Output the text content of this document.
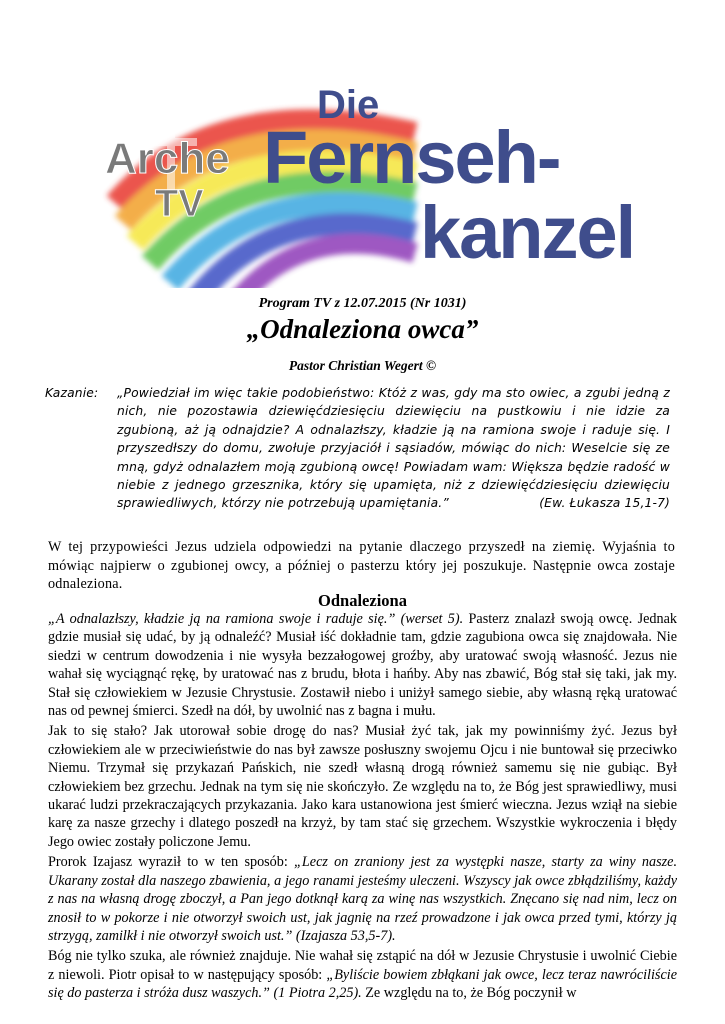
Arche
TV
Die
Fernseh-
kanzel
Program TV z 12.07.2015 (Nr 1031)
„Odnaleziona owca”
Pastor Christian Wegert ©
Kazanie: „Powiedział im więc takie podobieństwo: Któż z was, gdy ma sto owiec, a zgubi jedną z nich, nie pozostawia dziewięćdziesięciu dziewięciu na pustkowiu i nie idzie za zgubioną, aż ją odnajdzie? A odnalazłszy, kładzie ją na ramiona swoje i raduje się. I przyszedłszy do domu, zwołuje przyjaciół i sąsiadów, mówiąc do nich: Weselcie się ze mną, gdyż odnalazłem moją zgubioną owcę! Powiadam wam: Większa będzie radość w niebie z jednego grzesznika, który się upamięta, niż z dziewięćdziesięciu dziewięciu sprawiedliwych, którzy nie potrzebują upamiętania.”	(Ew. Łukasza 15,1-7)
W tej przypowieści Jezus udziela odpowiedzi na pytanie dlaczego przyszedł na ziemię. Wyjaśnia to mówiąc najpierw o zgubionej owcy, a później o pasterzu który jej poszukuje. Następnie owca zostaje odnaleziona.
Odnaleziona

„A odnalazłszy, kładzie ją na ramiona swoje i raduje się.” (werset 5). Pasterz znalazł swoją owcę. Jednak gdzie musiał się udać, by ją odnaleźć? Musiał iść dokładnie tam, gdzie zagubiona owca się znajdowała. Nie siedzi w centrum dowodzenia i nie wysyła bezzałogowej groźby, aby uratować swoją własność. Jezus nie wahał się wyciągnąć rękę, by uratować nas z brudu, błota i hańby. Aby nas zbawić, Bóg stał się taki, jak my. Stał się człowiekiem w Jezusie Chrystusie. Zostawił niebo i uniżył samego siebie, aby własną ręką uratować nas od pewnej śmierci. Szedł na dół, by uwolnić nas z bagna i mułu.

Jak to się stało? Jak utorował sobie drogę do nas? Musiał żyć tak, jak my powinniśmy żyć. Jezus był człowiekiem ale w przeciwieństwie do nas był zawsze posłuszny swojemu Ojcu i nie buntował się przeciwko Niemu. Trzymał się przykazań Pańskich, nie szedł własną drogą również samemu się nie gubiąc. Był człowiekiem bez grzechu. Jednak na tym się nie skończyło. Ze względu na to, że Bóg jest sprawiedliwy, musi ukarać ludzi przekraczających przykazania. Jako kara ustanowiona jest śmierć wieczna. Jezus wziął na siebie karę za nasze grzechy i dlatego poszedł na krzyż, by tam stać się grzechem. Wszystkie wykroczenia i błędy Jego owiec zostały policzone Jemu.

Prorok Izajasz wyraził to w ten sposób: „Lecz on zraniony jest za występki nasze, starty za winy nasze. Ukarany został dla naszego zbawienia, a jego ranami jesteśmy uleczeni. Wszyscy jak owce zbłądziliśmy, każdy z nas na własną drogę zboczył, a Pan jego dotknął karą za winę nas wszystkich. Znęcano się nad nim, lecz on znosił to w pokorze i nie otworzył swoich ust, jak jagnię na rzeź prowadzone i jak owca przed tymi, którzy ją strzygą, zamilkł i nie otworzył swoich ust.” (Izajasza 53,5-7).

Bóg nie tylko szuka, ale również znajduje. Nie wahał się zstąpić na dół w Jezusie Chrystusie i uwolnić Ciebie z niewoli. Piotr opisał to w następujący sposób: „Byliście bowiem zbłąkani jak owce, lecz teraz nawróciliście się do pasterza i stróża dusz waszych.” (1 Piotra 2,25). Ze względu na to, że Bóg poczynił w
